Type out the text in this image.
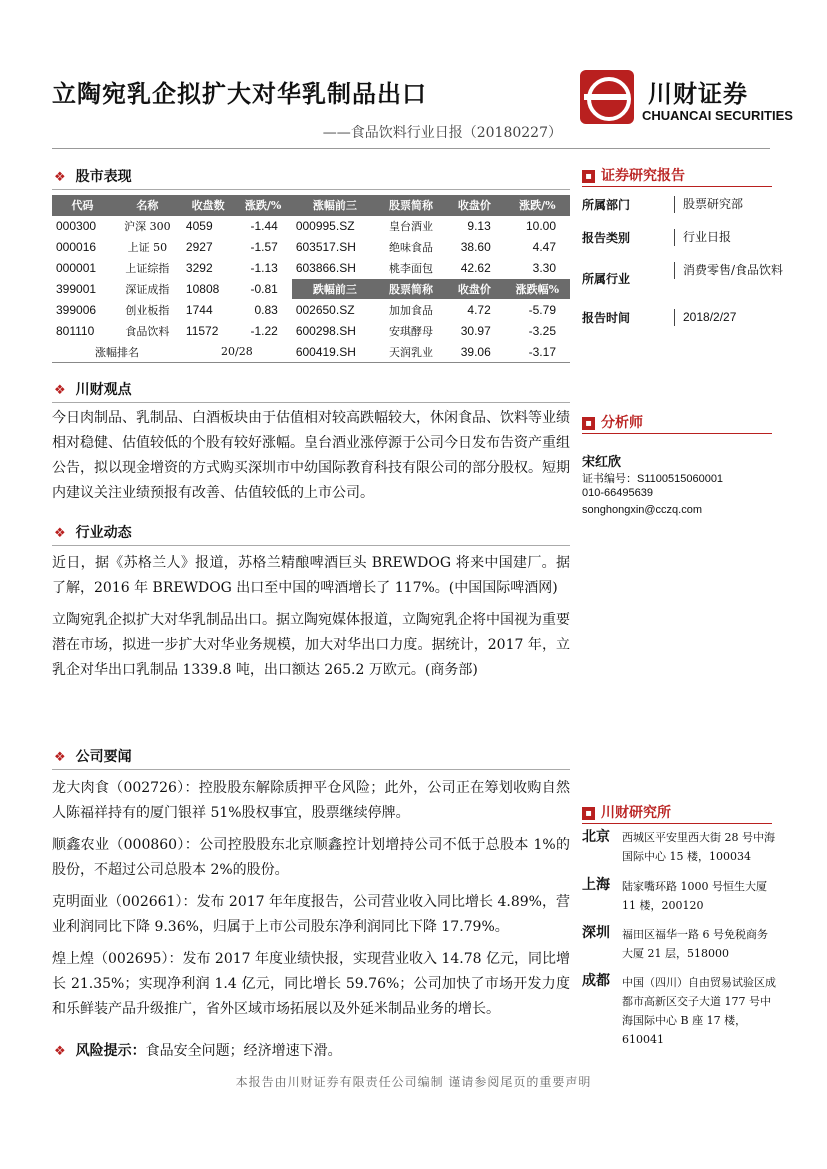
立陶宛乳企拟扩大对华乳制品出口
——食品饮料行业日报（20180227）
川财证券
CHUANCAI SECURITIES
❖ 股市表现
代码	名称	收盘数	涨跌/%	涨幅前三	股票简称	收盘价	涨跌/%
000300	沪深 300	4059	-1.44	000995.SZ	皇台酒业	9.13	10.00
000016	上证 50	2927	-1.57	603517.SH	绝味食品	38.60	4.47
000001	上证综指	3292	-1.13	603866.SH	桃李面包	42.62	3.30
399001	深证成指	10808	-0.81	跌幅前三	股票简称	收盘价	涨跌幅%
399006	创业板指	1744	0.83	002650.SZ	加加食品	4.72	-5.79
801110	食品饮料	11572	-1.22	600298.SH	安琪酵母	30.97	-3.25
涨幅排名		20/28		600419.SH	天润乳业	39.06	-3.17
❖ 川财观点

今日肉制品、乳制品、白酒板块由于估值相对较高跌幅较大，休闲食品、饮料等业绩相对稳健、估值较低的个股有较好涨幅。皇台酒业涨停源于公司今日发布告资产重组公告，拟以现金增资的方式购买深圳市中幼国际教育科技有限公司的部分股权。短期内建议关注业绩预报有改善、估值较低的上市公司。

❖ 行业动态

近日，据《苏格兰人》报道，苏格兰精酿啤酒巨头 BREWDOG 将来中国建厂。据了解，2016 年 BREWDOG 出口至中国的啤酒增长了 117%。(中国国际啤酒网)

立陶宛乳企拟扩大对华乳制品出口。据立陶宛媒体报道，立陶宛乳企将中国视为重要潜在市场，拟进一步扩大对华业务规模，加大对华出口力度。据统计，2017 年，立乳企对华出口乳制品 1339.8 吨，出口额达 265.2 万欧元。(商务部)

❖ 公司要闻

龙大肉食（002726）：控股股东解除质押平仓风险；此外，公司正在筹划收购自然人陈福祥持有的厦门银祥 51%股权事宜，股票继续停牌。

顺鑫农业（000860）：公司控股股东北京顺鑫控计划增持公司不低于总股本 1%的股份，不超过公司总股本 2%的股份。

克明面业（002661）：发布 2017 年年度报告，公司营业收入同比增长 4.89%，营业利润同比下降 9.36%，归属于上市公司股东净利润同比下降 17.79%。

煌上煌（002695）：发布 2017 年度业绩快报，实现营业收入 14.78 亿元，同比增长 21.35%；实现净利润 1.4 亿元，同比增长 59.76%；公司加快了市场开发力度和乐鲜装产品升级推广，省外区域市场拓展以及外延米制品业务的增长。

❖ 风险提示：食品安全问题；经济增速下滑。
▪ 证券研究报告
所属部门	股票研究部
报告类别	行业日报
所属行业
消费零售/食品饮料
报告时间	2018/2/27
▪ 分析师
宋红欣
证书编号：S1100515060001
010-66495639
songhongxin@cczq.com
▪ 川财研究所
北京 西城区平安里西大街 28 号中海国际中心 15 楼，100034
上海 陆家嘴环路 1000 号恒生大厦 11 楼，200120
深圳 福田区福华一路 6 号免税商务大厦 21 层，518000
成都 中国（四川）自由贸易试验区成都市高新区交子大道 177 号中海国际中心 B 座 17 楼，610041
本报告由川财证券有限责任公司编制 谨请参阅尾页的重要声明
